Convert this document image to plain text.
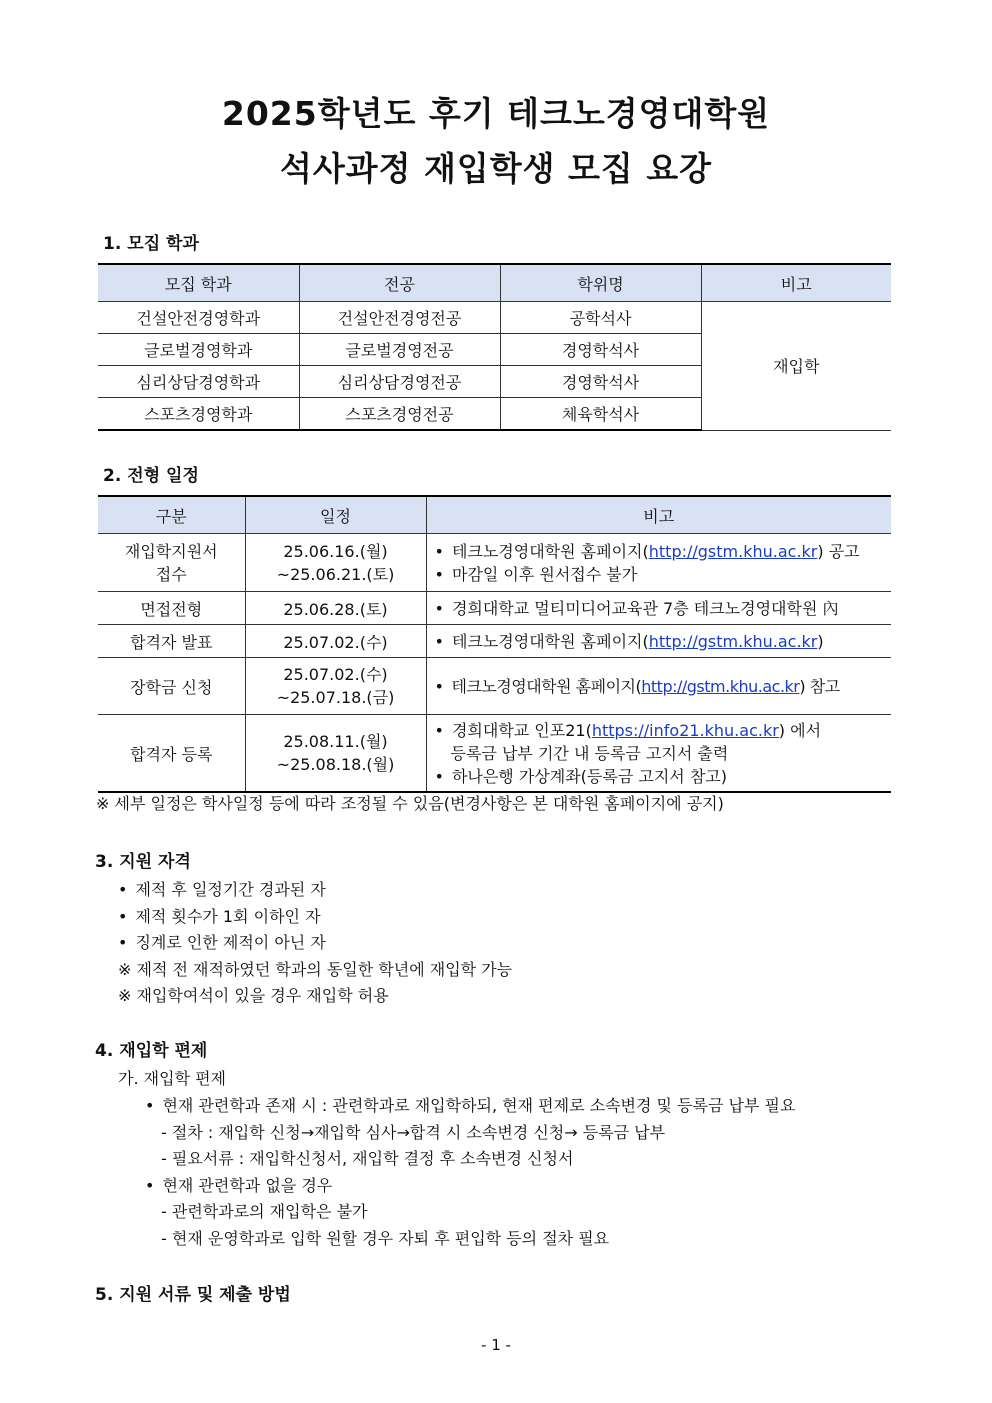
2025학년도 후기 테크노경영대학원
석사과정 재입학생 모집 요강
1. 모집 학과
모집 학과	전공	학위명	비고
건설안전경영학과	건설안전경영전공	공학석사	재입학
글로벌경영학과	글로벌경영전공	경영학석사	
심리상담경영학과	심리상담경영전공	경영학석사	
스포츠경영학과	스포츠경영전공	체육학석사	
2. 전형 일정
구분	일정	비고

재입학지원서
접수	25.06.16.(월)
~25.06.21.(토)	• 테크노경영대학원 홈페이지(http://gstm.khu.ac.kr) 공고
• 마감일 이후 원서접수 불가

면접전형	25.06.28.(토)	• 경희대학교 멀티미디어교육관 7층 테크노경영대학원 內

합격자 발표	25.07.02.(수)	• 테크노경영대학원 홈페이지(http://gstm.khu.ac.kr)

장학금 신청	25.07.02.(수)
~25.07.18.(금)	• 테크노경영대학원 홈페이지(http://gstm.khu.ac.kr) 참고

합격자 등록	25.08.11.(월)
~25.08.18.(월)	• 경희대학교 인포21(https://info21.khu.ac.kr) 에서
등록금 납부 기간 내 등록금 고지서 출력
• 하나은행 가상계좌(등록금 고지서 참고)
※ 세부 일정은 학사일정 등에 따라 조정될 수 있음(변경사항은 본 대학원 홈페이지에 공지)
3. 지원 자격
• 제적 후 일정기간 경과된 자
• 제적 횟수가 1회 이하인 자
• 징계로 인한 제적이 아닌 자
※ 제적 전 재적하였던 학과의 동일한 학년에 재입학 가능
※ 재입학여석이 있을 경우 재입학 허용
4. 재입학 편제
가. 재입학 편제
• 현재 관련학과 존재 시 : 관련학과로 재입학하되, 현재 편제로 소속변경 및 등록금 납부 필요
- 절차 : 재입학 신청→재입학 심사→합격 시 소속변경 신청→ 등록금 납부
- 필요서류 : 재입학신청서, 재입학 결정 후 소속변경 신청서
• 현재 관련학과 없을 경우
- 관련학과로의 재입학은 불가
- 현재 운영학과로 입학 원할 경우 자퇴 후 편입학 등의 절차 필요
5. 지원 서류 및 제출 방법
- 1 -
